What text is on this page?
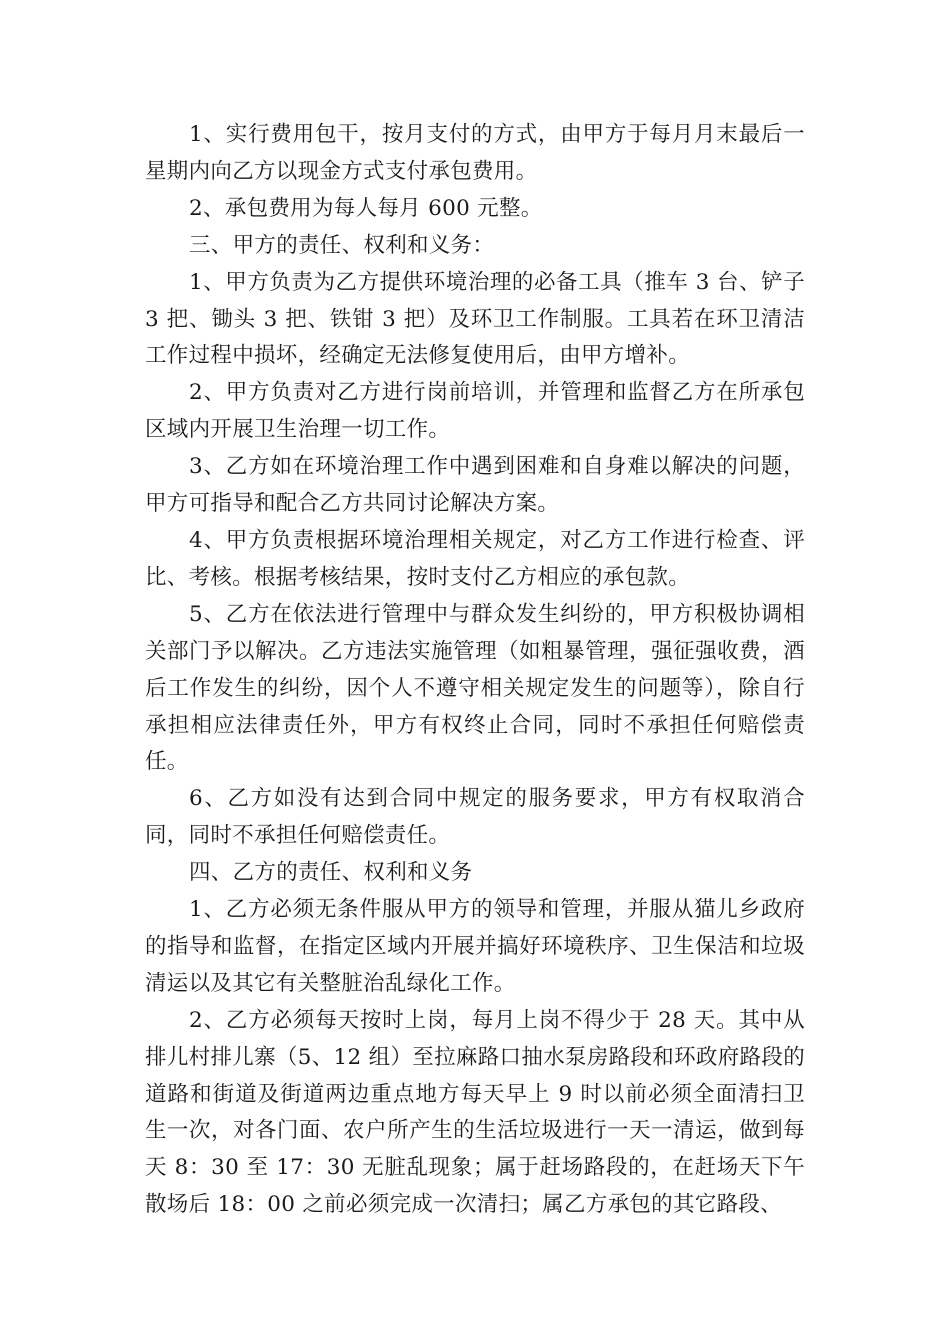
1、实行费用包干，按月支付的方式，由甲方于每月月末最后一星期内向乙方以现金方式支付承包费用。

2、承包费用为每人每月 600 元整。

三、甲方的责任、权利和义务：

1、甲方负责为乙方提供环境治理的必备工具（推车 3 台、铲子 3 把、锄头 3 把、铁钳 3 把）及环卫工作制服。工具若在环卫清洁工作过程中损坏，经确定无法修复使用后，由甲方增补。

2、甲方负责对乙方进行岗前培训，并管理和监督乙方在所承包区域内开展卫生治理一切工作。

3、乙方如在环境治理工作中遇到困难和自身难以解决的问题，甲方可指导和配合乙方共同讨论解决方案。

4、甲方负责根据环境治理相关规定，对乙方工作进行检查、评比、考核。根据考核结果，按时支付乙方相应的承包款。

5、乙方在依法进行管理中与群众发生纠纷的，甲方积极协调相关部门予以解决。乙方违法实施管理（如粗暴管理，强征强收费，酒后工作发生的纠纷，因个人不遵守相关规定发生的问题等），除自行承担相应法律责任外，甲方有权终止合同，同时不承担任何赔偿责任。

6、乙方如没有达到合同中规定的服务要求，甲方有权取消合同，同时不承担任何赔偿责任。

四、乙方的责任、权利和义务

1、乙方必须无条件服从甲方的领导和管理，并服从猫儿乡政府的指导和监督，在指定区域内开展并搞好环境秩序、卫生保洁和垃圾清运以及其它有关整脏治乱绿化工作。

2、乙方必须每天按时上岗，每月上岗不得少于 28 天。其中从排儿村排儿寨（5、12 组）至拉麻路口抽水泵房路段和环政府路段的道路和街道及街道两边重点地方每天早上 9 时以前必须全面清扫卫生一次，对各门面、农户所产生的生活垃圾进行一天一清运，做到每天 8：30 至 17：30 无脏乱现象；属于赶场路段的，在赶场天下午散场后 18：00 之前必须完成一次清扫；属乙方承包的其它路段、
